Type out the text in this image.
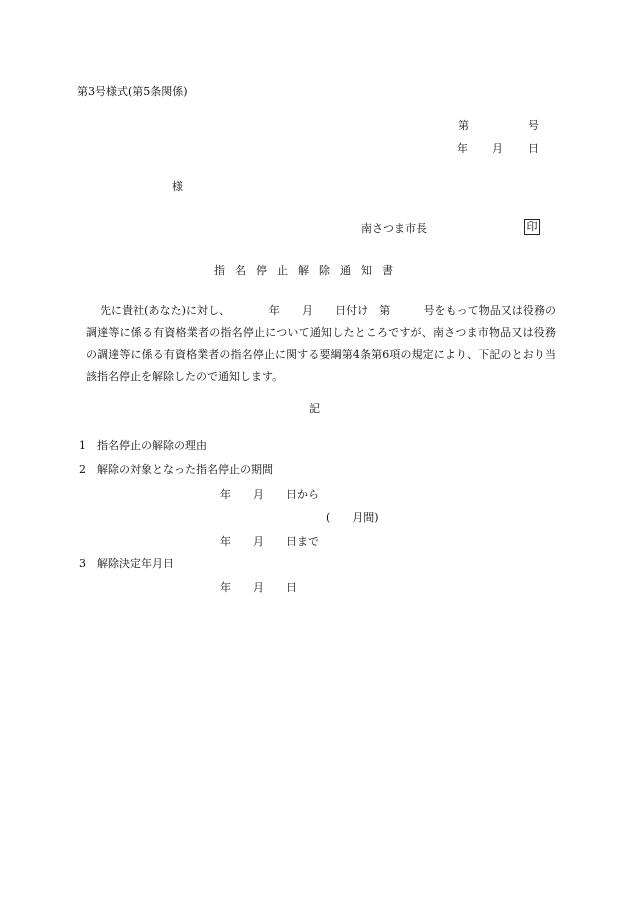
第3号様式(第5条関係)
第	号
年 月 日
様
南さつま市長	印
指名停止解除通知書
先に貴社(あなた)に対し、　　　　年　　月　　日付け　第　　　号をもって物品又は役務の調達等に係る有資格業者の指名停止について通知したところですが、南さつま市物品又は役務の調達等に係る有資格業者の指名停止に関する要綱第4条第6項の規定により、下記のとおり当該指名停止を解除したので通知します。
記
1　指名停止の解除の理由
2　解除の対象となった指名停止の期間
年　　月　　日から
(　　月間)
年　　月　　日まで
3　解除決定年月日
年　　月　　日
